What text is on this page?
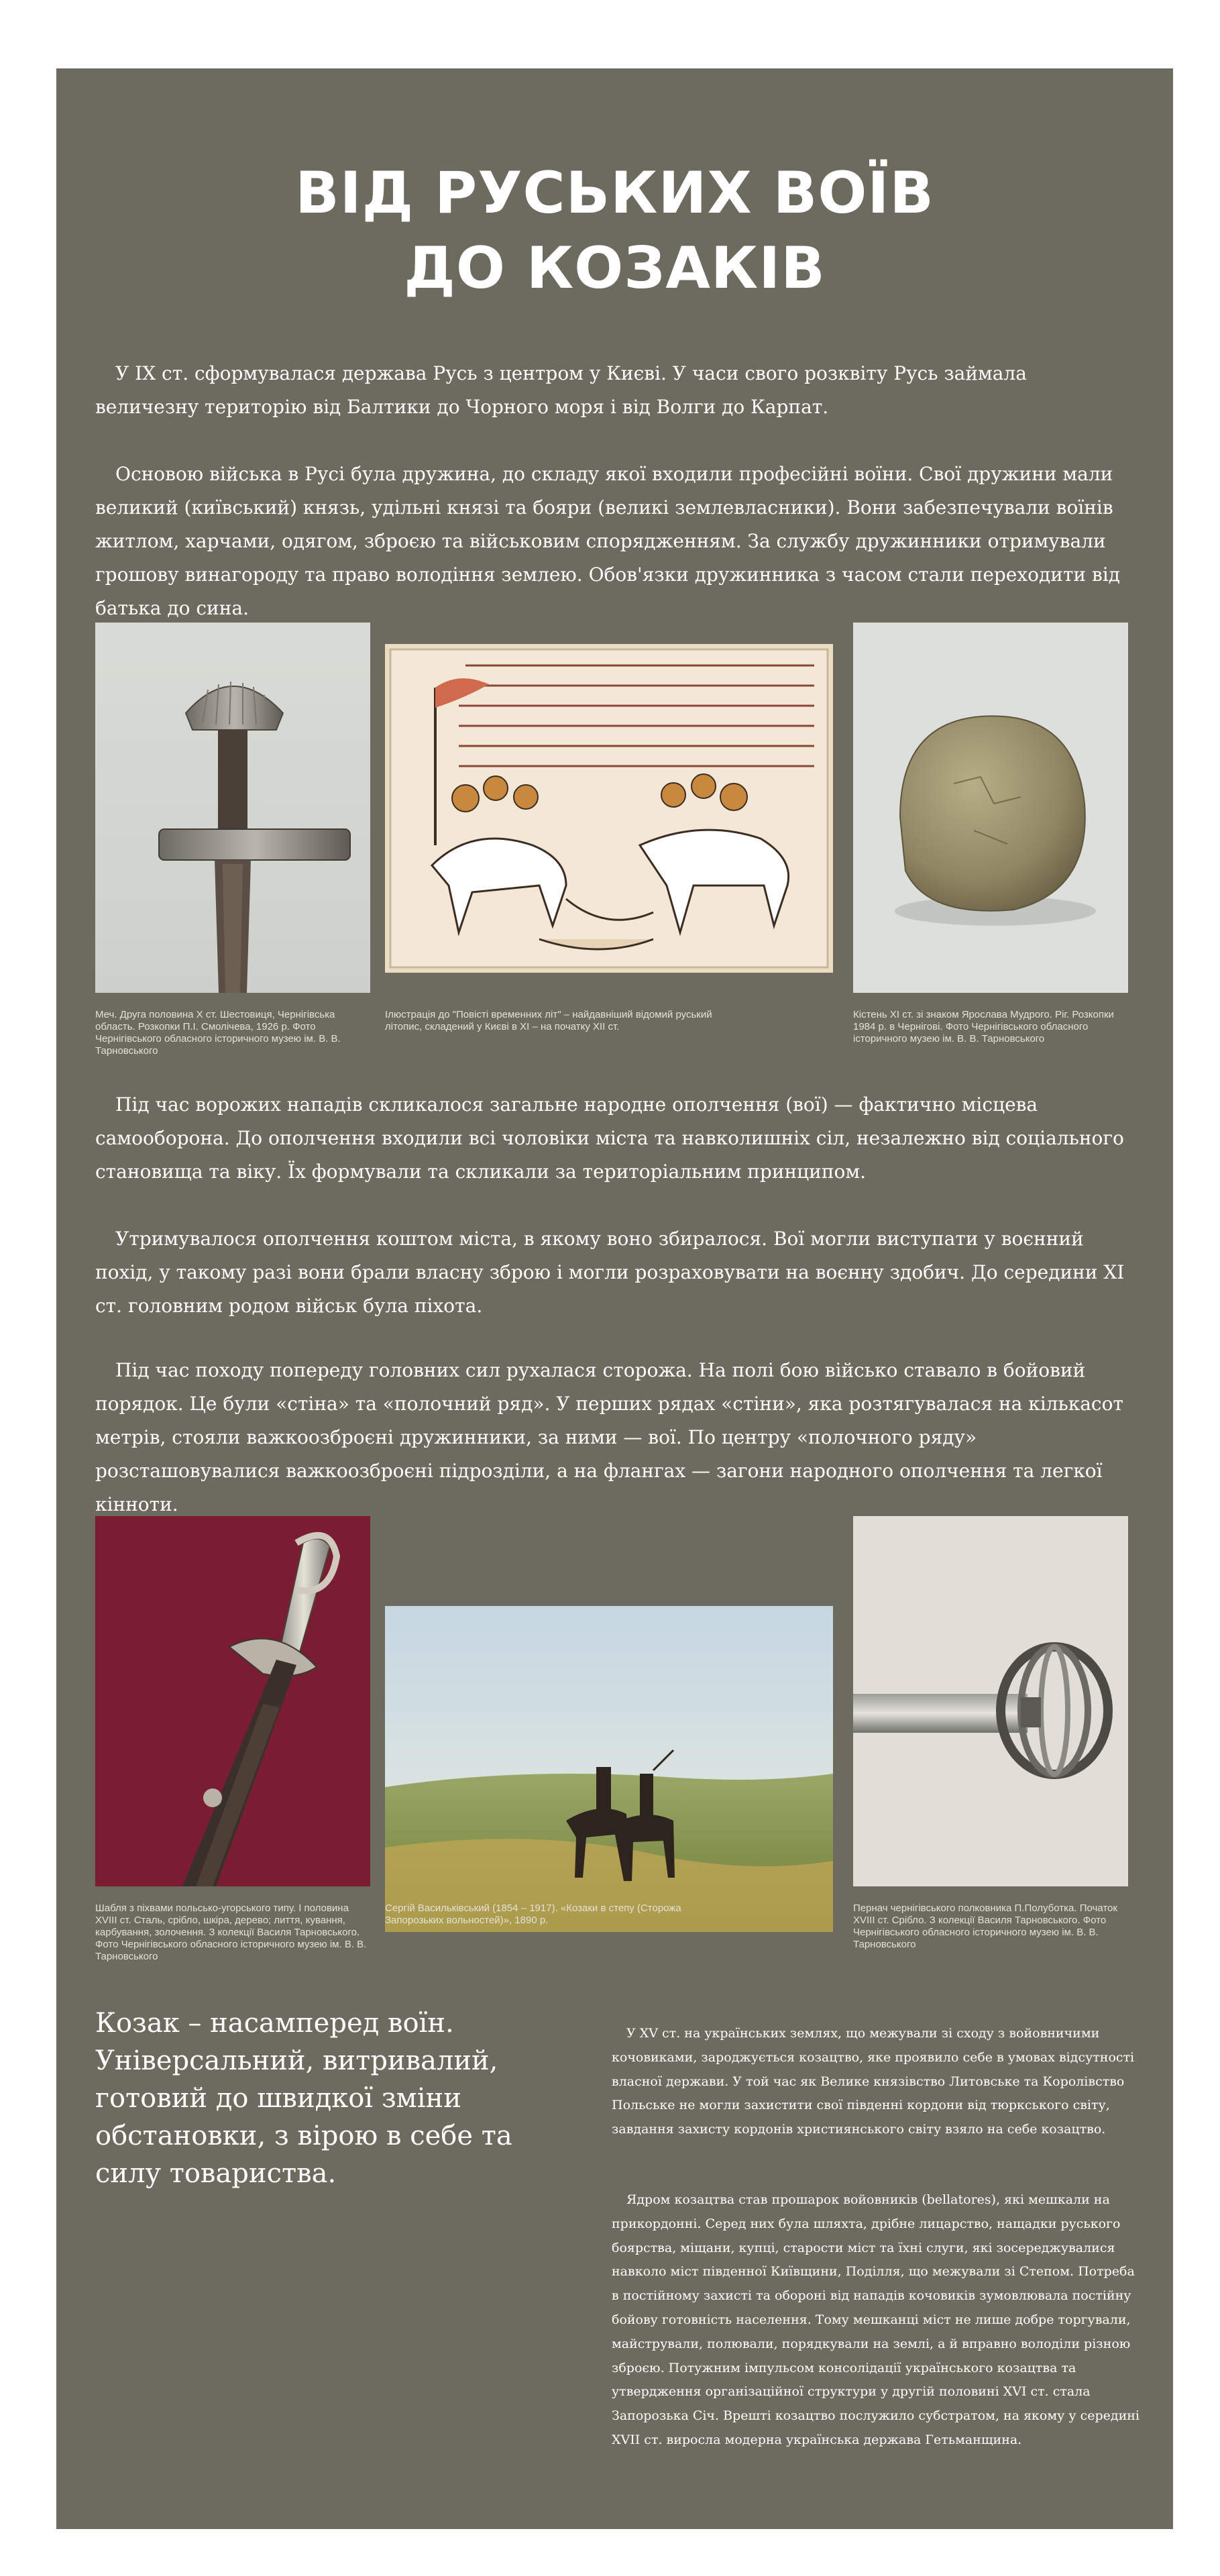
ВІД РУСЬКИХ ВОЇВ
ДО КОЗАКІВ

У IX ст. сформувалася держава Русь з центром у Києві. У часи свого розквіту Русь займала величезну територію від Балтики до Чорного моря і від Волги до Карпат.

Основою війська в Русі була дружина, до складу якої входили професійні воїни. Свої дружини мали великий (київський) князь, удільні князі та бояри (великі землевласники). Вони забезпечували воїнів житлом, харчами, одягом, зброєю та військовим спорядженням. За службу дружинники отримували грошову винагороду та право володіння землею. Обов'язки дружинника з часом стали переходити від батька до сина.

Меч. Друга половина X ст. Шестовиця, Чернігівська область. Розкопки П.І. Смолічева, 1926 р. Фото Чернігівського обласного історичного музею ім. В. В. Тарновського

Ілюстрація до "Повісті временних літ" – найдавніший відомий руський літопис, складений у Києві в XI – на початку XII ст.

Кістень XI ст. зі знаком Ярослава Мудрого. Ріг. Розкопки 1984 р. в Чернігові. Фото Чернігівського обласного історичного музею ім. В. В. Тарновського

Під час ворожих нападів скликалося загальне народне ополчення (вої) — фактично місцева самооборона. До ополчення входили всі чоловіки міста та навколишніх сіл, незалежно від соціального становища та віку. Їх формували та скликали за територіальним принципом.

Утримувалося ополчення коштом міста, в якому воно збиралося. Вої могли виступати у воєнний похід, у такому разі вони брали власну зброю і могли розраховувати на воєнну здобич. До середини XI ст. головним родом військ була піхота.

Під час походу попереду головних сил рухалася сторожа. На полі бою військо ставало в бойовий порядок. Це були «стіна» та «полочний ряд». У перших рядах «стіни», яка розтягувалася на кількасот метрів, стояли важкоозброєні дружинники, за ними — вої. По центру «полочного ряду» розсташовувалися важкоозброєні підрозділи, а на флангах — загони народного ополчення та легкої кінноти.

Шабля з піхвами польсько-угорського типу. I половина XVIII ст. Сталь, срібло, шкіра, дерево; лиття, кування, карбування, золочення. З колекції Василя Тарновського. Фото Чернігівського обласного історичного музею ім. В. В. Тарновського

Сергій Васильківський (1854 – 1917). «Козаки в степу (Сторожа Запорозьких вольностей)», 1890 р.

Пернач чернігівського полковника П.Полуботка. Початок XVIII ст. Срібло. З колекції Василя Тарновського. Фото Чернігівського обласного історичного музею ім. В. В. Тарновського

Козак – насамперед воїн. Універсальний, витривалий, готовий до швидкої зміни обстановки, з вірою в себе та силу товариства.

У XV ст. на українських землях, що межували зі сходу з войовничими кочовиками, зароджується козацтво, яке проявило себе в умовах відсутності власної держави. У той час як Велике князівство Литовське та Королівство Польське не могли захистити свої південні кордони від тюркського світу, завдання захисту кордонів християнського світу взяло на себе козацтво.

Ядром козацтва став прошарок войовників (bellatores), які мешкали на прикордонні. Серед них була шляхта, дрібне лицарство, нащадки руського боярства, міщани, купці, старости міст та їхні слуги, які зосереджувалися навколо міст південної Київщини, Поділля, що межували зі Степом. Потреба в постійному захисті та обороні від нападів кочовиків зумовлювала постійну бойову готовність населення. Тому мешканці міст не лише добре торгували, майстрували, полювали, порядкували на землі, а й вправно володіли різною зброєю. Потужним імпульсом консолідації українського козацтва та утвердження організаційної структури у другій половині XVI ст. стала Запорозька Січ. Врешті козацтво послужило субстратом, на якому у середині XVII ст. виросла модерна українська держава Гетьманщина.
